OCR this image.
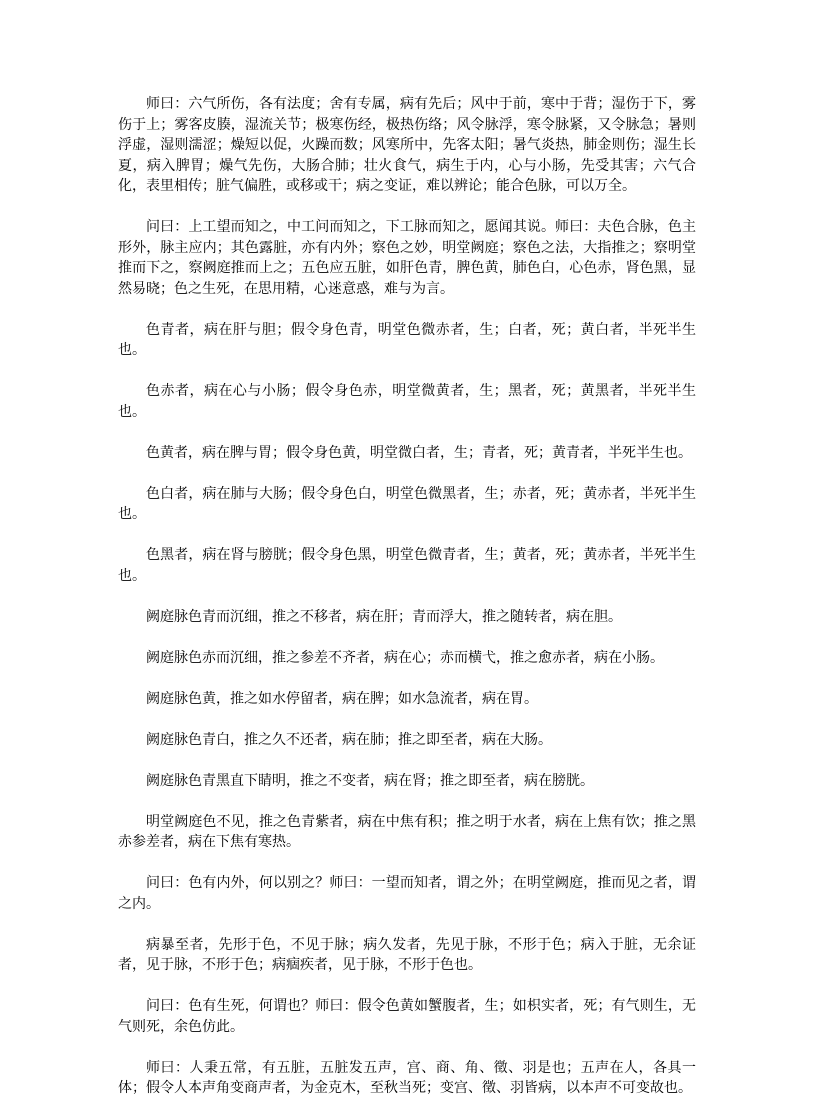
师曰：六气所伤，各有法度；舍有专属，病有先后；风中于前，寒中于背；湿伤于下，雾伤于上；雾客皮腠，湿流关节；极寒伤经，极热伤络；风令脉浮，寒令脉紧，又令脉急；暑则浮虚，湿则濡涩；燥短以促，火躁而数；风寒所中，先客太阳；暑气炎热，肺金则伤；湿生长夏，病入脾胃；燥气先伤，大肠合肺；壮火食气，病生于内，心与小肠，先受其害；六气合化，表里相传；脏气偏胜，或移或干；病之变证，难以辨论；能合色脉，可以万全。

问曰：上工望而知之，中工问而知之，下工脉而知之，愿闻其说。师曰：夫色合脉，色主形外，脉主应内；其色露脏，亦有内外；察色之妙，明堂阙庭；察色之法，大指推之；察明堂推而下之，察阙庭推而上之；五色应五脏，如肝色青，脾色黄，肺色白，心色赤，肾色黑，显然易晓；色之生死，在思用精，心迷意惑，难与为言。

色青者，病在肝与胆；假令身色青，明堂色微赤者，生；白者，死；黄白者，半死半生也。

色赤者，病在心与小肠；假令身色赤，明堂微黄者，生；黑者，死；黄黑者，半死半生也。

色黄者，病在脾与胃；假令身色黄，明堂微白者，生；青者，死；黄青者，半死半生也。

色白者，病在肺与大肠；假令身色白，明堂色微黑者，生；赤者，死；黄赤者，半死半生也。

色黑者，病在肾与膀胱；假令身色黑，明堂色微青者，生；黄者，死；黄赤者，半死半生也。

阙庭脉色青而沉细，推之不移者，病在肝；青而浮大，推之随转者，病在胆。

阙庭脉色赤而沉细，推之参差不齐者，病在心；赤而横弋，推之愈赤者，病在小肠。

阙庭脉色黄，推之如水停留者，病在脾；如水急流者，病在胃。

阙庭脉色青白，推之久不还者，病在肺；推之即至者，病在大肠。

阙庭脉色青黑直下睛明，推之不变者，病在肾；推之即至者，病在膀胱。

明堂阙庭色不见，推之色青紫者，病在中焦有积；推之明于水者，病在上焦有饮；推之黑赤参差者，病在下焦有寒热。

问曰：色有内外，何以别之？师曰：一望而知者，谓之外；在明堂阙庭，推而见之者，谓之内。

病暴至者，先形于色，不见于脉；病久发者，先见于脉，不形于色；病入于脏，无余证者，见于脉，不形于色；病痼疾者，见于脉，不形于色也。

问曰：色有生死，何谓也？师曰：假令色黄如蟹腹者，生；如枳实者，死；有气则生，无气则死，余色仿此。

师曰：人秉五常，有五脏，五脏发五声，宫、商、角、徵、羽是也；五声在人，各具一体；假令人本声角变商声者，为金克木，至秋当死；变宫、徵、羽皆病，以本声不可变故也。
